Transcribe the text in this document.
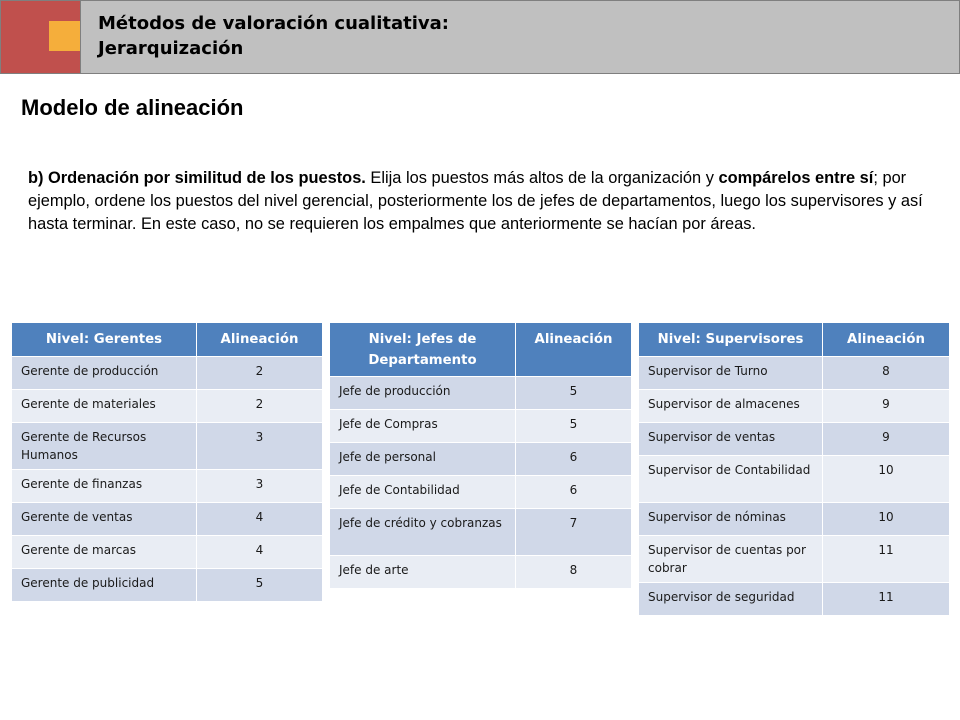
Métodos de valoración cualitativa:
Jerarquización
Modelo de alineación
b) Ordenación por similitud de los puestos. Elija los puestos más altos de la organización y compárelos entre sí; por ejemplo, ordene los puestos del nivel gerencial, posteriormente los de jefes de departamentos, luego los supervisores y así hasta terminar. En este caso, no se requieren los empalmes que anteriormente se hacían por áreas.
Nivel: Gerentes	Alineación
Gerente de producción	2
Gerente de materiales	2
Gerente de Recursos Humanos	3
Gerente de finanzas	3
Gerente de ventas	4
Gerente de marcas	4
Gerente de publicidad	5
Nivel: Jefes de Departamento	Alineación
Jefe de producción	5
Jefe de Compras	5
Jefe de personal	6
Jefe de Contabilidad	6
Jefe de crédito y cobranzas	7
Jefe de arte	8
Nivel: Supervisores	Alineación
Supervisor de Turno	8
Supervisor de almacenes	9
Supervisor de ventas	9
Supervisor de Contabilidad	10
Supervisor de nóminas	10
Supervisor de cuentas por cobrar	11
Supervisor de seguridad	11
